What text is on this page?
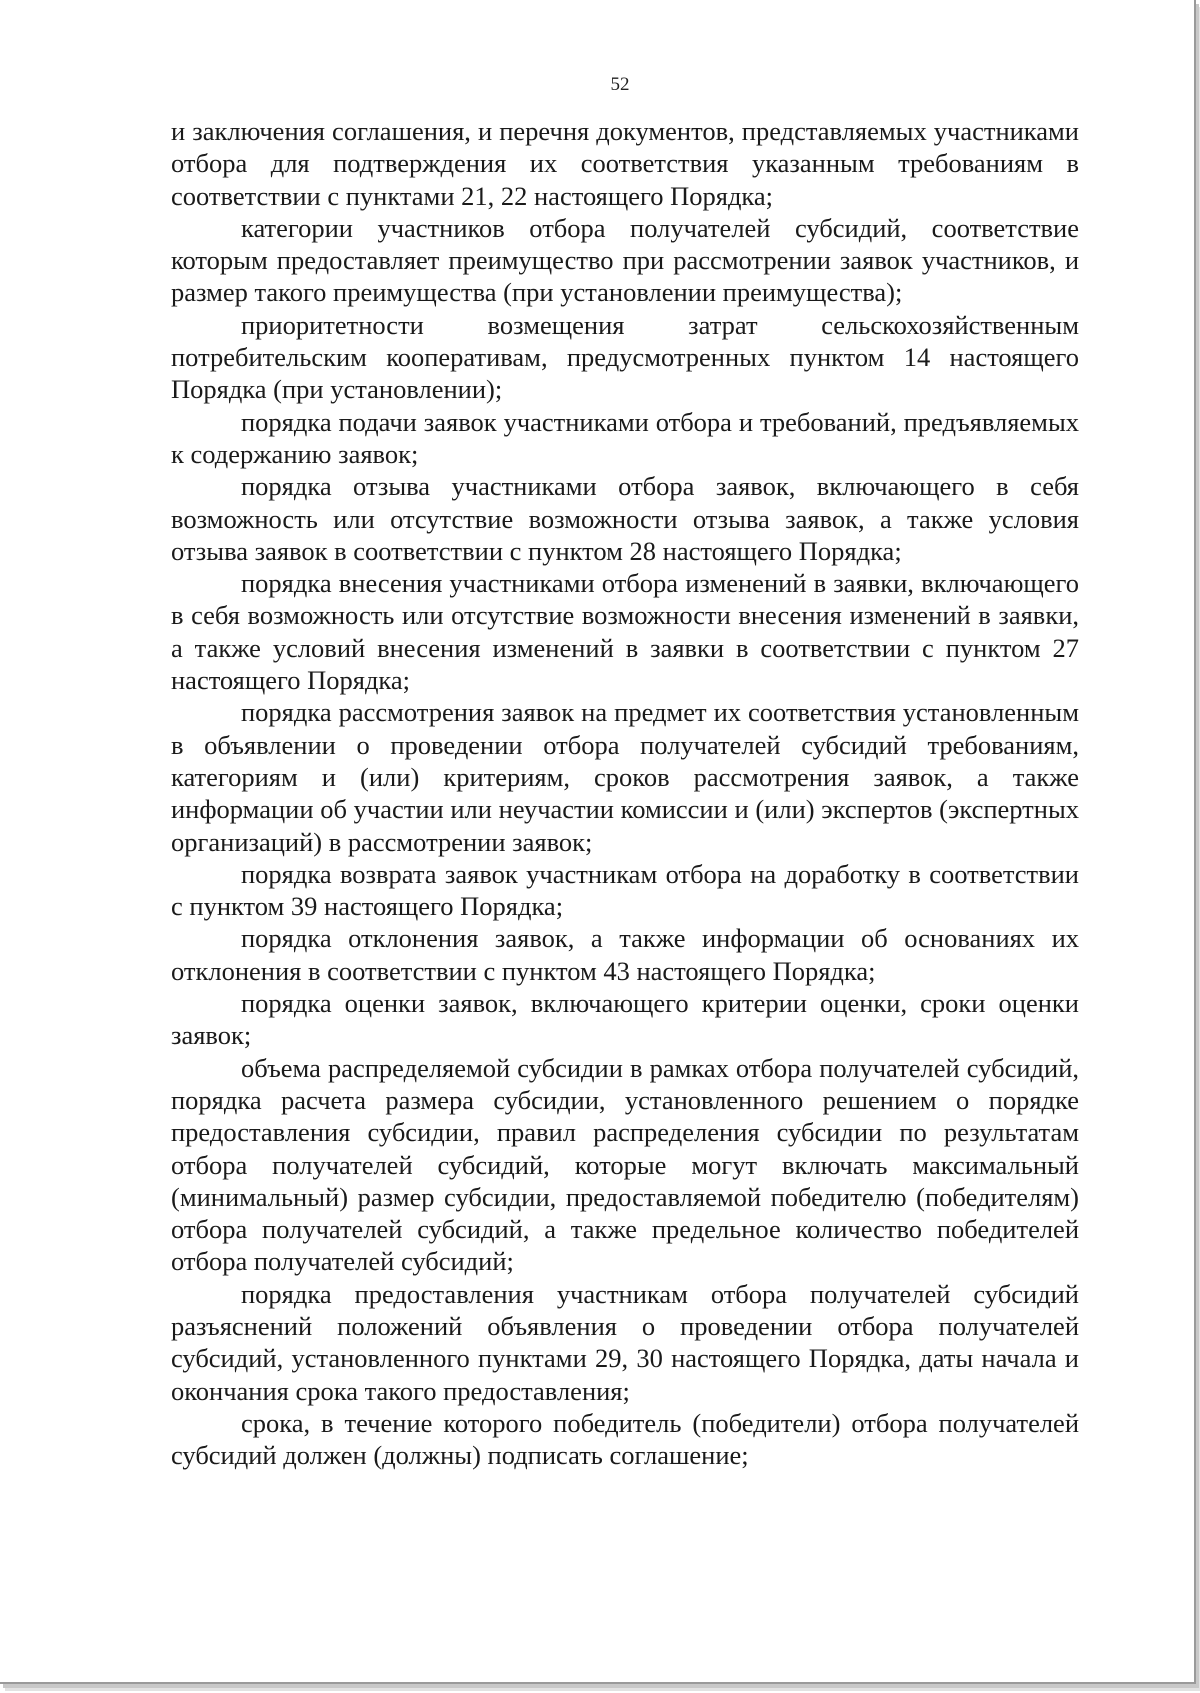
52

и заключения соглашения, и перечня документов, представляемых участниками отбора для подтверждения их соответствия указанным требованиям в соответствии с пунктами 21, 22 настоящего Порядка;

категории участников отбора получателей субсидий, соответствие которым предоставляет преимущество при рассмотрении заявок участников, и размер такого преимущества (при установлении преимущества);

приоритетности возмещения затрат сельскохозяйственным потребительским кооперативам, предусмотренных пунктом 14 настоящего Порядка (при установлении);

порядка подачи заявок участниками отбора и требований, предъявляемых к содержанию заявок;

порядка отзыва участниками отбора заявок, включающего в себя возможность или отсутствие возможности отзыва заявок, а также условия отзыва заявок в соответствии с пунктом 28 настоящего Порядка;

порядка внесения участниками отбора изменений в заявки, включающего в себя возможность или отсутствие возможности внесения изменений в заявки, а также условий внесения изменений в заявки в соответствии с пунктом 27 настоящего Порядка;

порядка рассмотрения заявок на предмет их соответствия установленным в объявлении о проведении отбора получателей субсидий требованиям, категориям и (или) критериям, сроков рассмотрения заявок, а также информации об участии или неучастии комиссии и (или) экспертов (экспертных организаций) в рассмотрении заявок;

порядка возврата заявок участникам отбора на доработку в соответствии с пунктом 39 настоящего Порядка;

порядка отклонения заявок, а также информации об основаниях их отклонения в соответствии с пунктом 43 настоящего Порядка;

порядка оценки заявок, включающего критерии оценки, сроки оценки заявок;

объема распределяемой субсидии в рамках отбора получателей субсидий, порядка расчета размера субсидии, установленного решением о порядке предоставления субсидии, правил распределения субсидии по результатам отбора получателей субсидий, которые могут включать максимальный (минимальный) размер субсидии, предоставляемой победителю (победителям) отбора получателей субсидий, а также предельное количество победителей отбора получателей субсидий;

порядка предоставления участникам отбора получателей субсидий разъяснений положений объявления о проведении отбора получателей субсидий, установленного пунктами 29, 30 настоящего Порядка, даты начала и окончания срока такого предоставления;

срока, в течение которого победитель (победители) отбора получателей субсидий должен (должны) подписать соглашение;
